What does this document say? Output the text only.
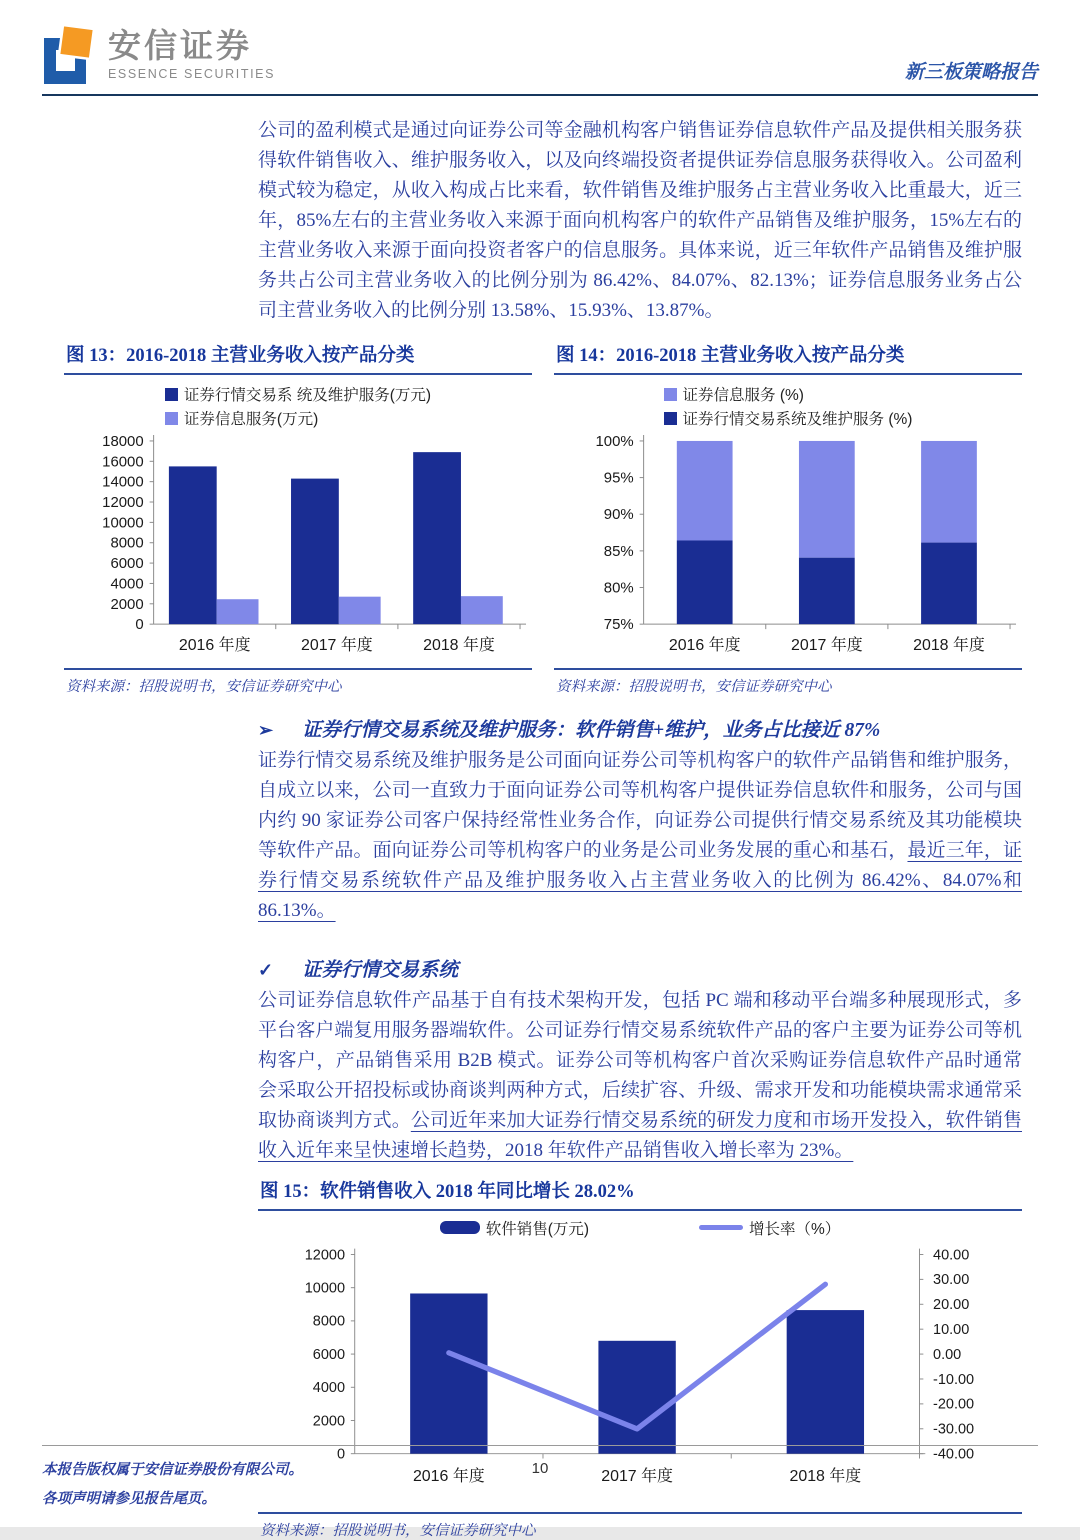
安信证券
ESSENCE SECURITIES	新三板策略报告

公司的盈利模式是通过向证券公司等金融机构客户销售证券信息软件产品及提供相关服务获得软件销售收入、维护服务收入，以及向终端投资者提供证券信息服务获得收入。公司盈利模式较为稳定，从收入构成占比来看，软件销售及维护服务占主营业务收入比重最大，近三年，85%左右的主营业务收入来源于面向机构客户的软件产品销售及维护服务，15%左右的主营业务收入来源于面向投资者客户的信息服务。具体来说，近三年软件产品销售及维护服务共占公司主营业务收入的比例分别为 86.42%、84.07%、82.13%；证券信息服务业务占公司主营业务收入的比例分别 13.58%、15.93%、13.87%。

图 13：2016-2018 主营业务收入按产品分类
证券行情交易系 统及维护服务(万元)
证券信息服务(万元)
0
2000
4000
6000
8000
10000
12000
14000
16000
18000
2016 年度	2017 年度	2018 年度
资料来源：招股说明书，安信证券研究中心
图 14：2016-2018 主营业务收入按产品分类
证券信息服务 (%)
证券行情交易系统及维护服务 (%)
75%
80%
85%
90%
95%
100%
2016 年度	2017 年度	2018 年度
资料来源：招股说明书，安信证券研究中心
➢	证券行情交易系统及维护服务：软件销售+维护，业务占比接近 87%

证券行情交易系统及维护服务是公司面向证券公司等机构客户的软件产品销售和维护服务，自成立以来，公司一直致力于面向证券公司等机构客户提供证券信息软件和服务，公司与国内约 90 家证券公司客户保持经常性业务合作，向证券公司提供行情交易系统及其功能模块等软件产品。面向证券公司等机构客户的业务是公司业务发展的重心和基石，最近三年，证券行情交易系统软件产品及维护服务收入占主营业务收入的比例为 86.42%、84.07%和86.13%。

✓	证券行情交易系统

公司证券信息软件产品基于自有技术架构开发，包括 PC 端和移动平台端多种展现形式，多平台客户端复用服务器端软件。公司证券行情交易系统软件产品的客户主要为证券公司等机构客户，产品销售采用 B2B 模式。证券公司等机构客户首次采购证券信息软件产品时通常会采取公开招投标或协商谈判两种方式，后续扩容、升级、需求开发和功能模块需求通常采取协商谈判方式。公司近年来加大证券行情交易系统的研发力度和市场开发投入，软件销售收入近年来呈快速增长趋势，2018 年软件产品销售收入增长率为 23%。

图 15：软件销售收入 2018 年同比增长 28.02%
软件销售(万元)	增长率（%）
0
2000
4000
6000
8000
10000
12000
-40.00
-30.00
-20.00
-10.00
0.00
10.00
20.00
30.00
40.00
2016 年度	2017 年度	2018 年度
资料来源：招股说明书，安信证券研究中心
本报告版权属于安信证券股份有限公司。
各项声明请参见报告尾页。
10
